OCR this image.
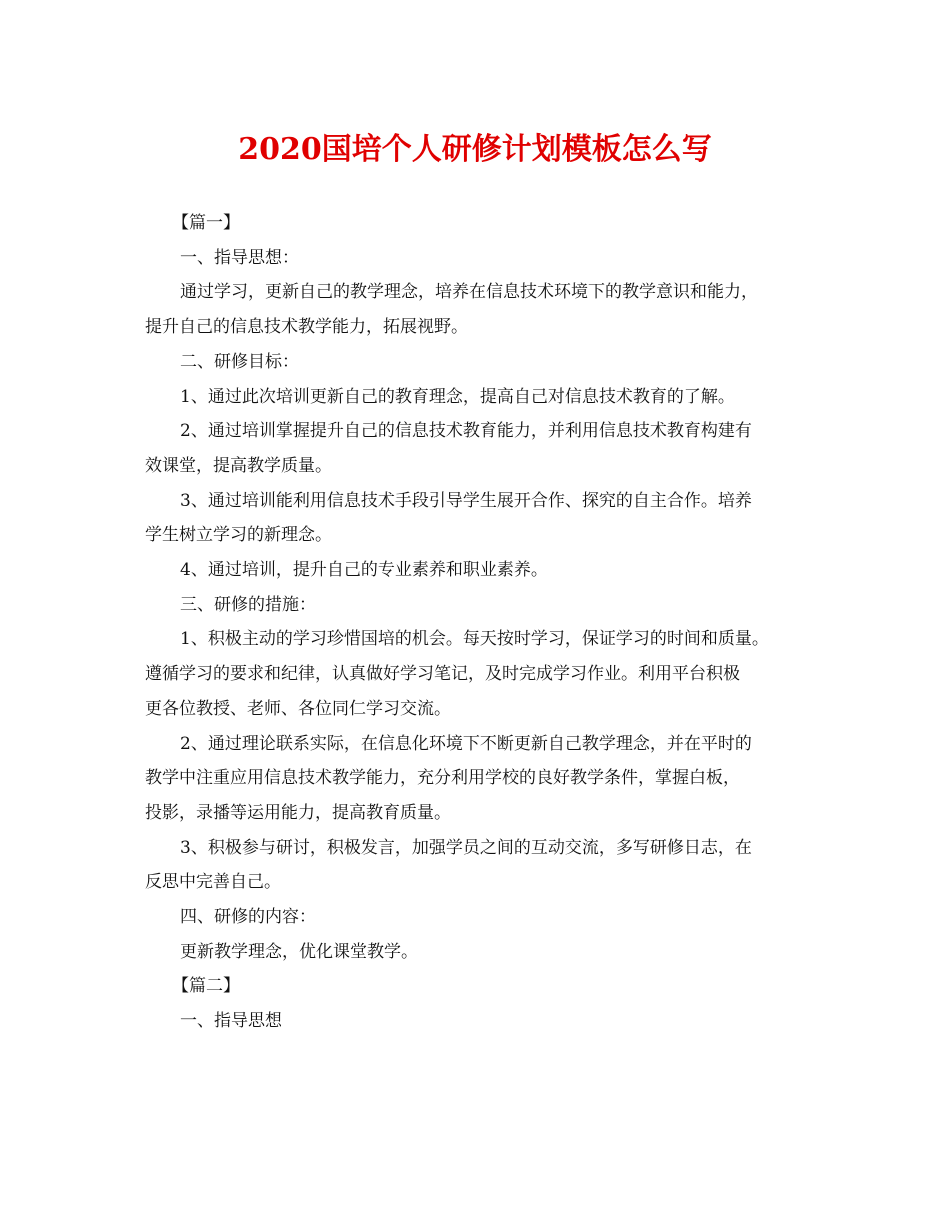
2020国培个人研修计划模板怎么写
【篇一】
一、指导思想：
通过学习，更新自己的教学理念，培养在信息技术环境下的教学意识和能力，
提升自己的信息技术教学能力，拓展视野。
二、研修目标：
1、通过此次培训更新自己的教育理念，提高自己对信息技术教育的了解。
2、通过培训掌握提升自己的信息技术教育能力，并利用信息技术教育构建有
效课堂，提高教学质量。
3、通过培训能利用信息技术手段引导学生展开合作、探究的自主合作。培养
学生树立学习的新理念。
4、通过培训，提升自己的专业素养和职业素养。
三、研修的措施：
1、积极主动的学习珍惜国培的机会。每天按时学习，保证学习的时间和质量。
遵循学习的要求和纪律，认真做好学习笔记，及时完成学习作业。利用平台积极
更各位教授、老师、各位同仁学习交流。
2、通过理论联系实际，在信息化环境下不断更新自己教学理念，并在平时的
教学中注重应用信息技术教学能力，充分利用学校的良好教学条件，掌握白板，
投影，录播等运用能力，提高教育质量。
3、积极参与研讨，积极发言，加强学员之间的互动交流，多写研修日志，在
反思中完善自己。
四、研修的内容：
更新教学理念，优化课堂教学。
【篇二】
一、指导思想
